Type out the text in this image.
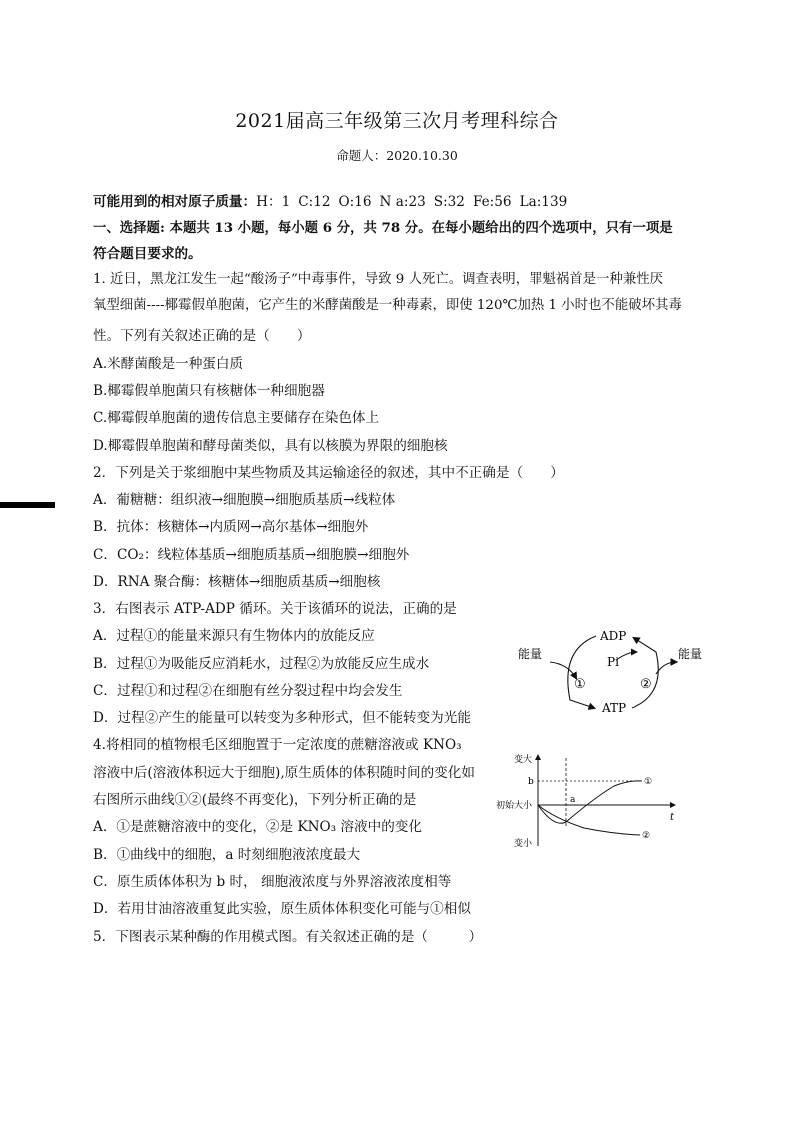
2021届高三年级第三次月考理科综合
命题人：2020.10.30
可能用到的相对原子质量：H：1 C:12 O:16 N a:23 S:32 Fe:56 La:139
一、选择题: 本题共 13 小题，每小题 6 分，共 78 分。在每小题给出的四个选项中，只有一项是
符合题目要求的。
1. 近日，黑龙江发生一起“酸汤子”中毒事件，导致 9 人死亡。调查表明，罪魁祸首是一种兼性厌
氧型细菌----椰霉假单胞菌，它产生的米酵菌酸是一种毒素，即使 120℃加热 1 小时也不能破坏其毒
性。下列有关叙述正确的是（　　）
A.米酵菌酸是一种蛋白质
B.椰霉假单胞菌只有核糖体一种细胞器
C.椰霉假单胞菌的遗传信息主要储存在染色体上
D.椰霉假单胞菌和酵母菌类似，具有以核膜为界限的细胞核
2．下列是关于浆细胞中某些物质及其运输途径的叙述，其中不正确是（　　）
A．葡糖糖：组织液→细胞膜→细胞质基质→线粒体
B．抗体：核糖体→内质网→高尔基体→细胞外
C．CO₂：线粒体基质→细胞质基质→细胞膜→细胞外
D．RNA 聚合酶：核糖体→细胞质基质→细胞核
3．右图表示 ATP-ADP 循环。关于该循环的说法，正确的是
A．过程①的能量来源只有生物体内的放能反应
B．过程①为吸能反应消耗水，过程②为放能反应生成水
C．过程①和过程②在细胞有丝分裂过程中均会发生
D．过程②产生的能量可以转变为多种形式，但不能转变为光能
ADP
Pi
ATP
能量	能量
①	②
4.将相同的植物根毛区细胞置于一定浓度的蔗糖溶液或 KNO₃
溶液中后(溶液体积远大于细胞),原生质体的体积随时间的变化如
右图所示曲线①②(最终不再变化)，下列分析正确的是
A．①是蔗糖溶液中的变化，②是 KNO₃ 溶液中的变化
B．①曲线中的细胞，a 时刻细胞液浓度最大
C．原生质体体积为 b 时， 细胞液浓度与外界溶液浓度相等
D．若用甘油溶液重复此实验，原生质体体积变化可能与①相似
变大
初始大小
变小
b
a
t
①
②
5．下图表示某种酶的作用模式图。有关叙述正确的是（　　　）
